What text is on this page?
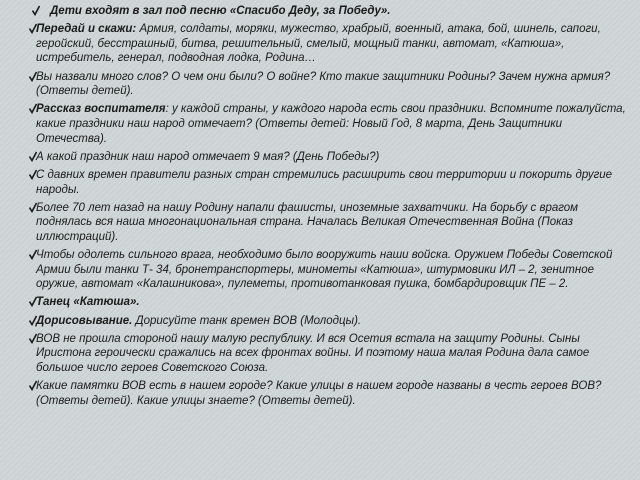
Дети входят в зал под песню «Спасибо Деду, за Победу».
Передай и скажи: Армия, солдаты, моряки, мужество, храбрый, военный, атака, бой, шинель, сапоги, геройский, бесстрашный, битва, решительный, смелый, мощный танки, автомат, «Катюша», истребитель, генерал, подводная лодка, Родина…
Вы назвали много слов? О чем они были? О войне? Кто такие защитники Родины? Зачем нужна армия? (Ответы детей).
Рассказ воспитателя: у каждой страны, у каждого народа есть свои праздники. Вспомните пожалуйста, какие праздники наш народ отмечает? (Ответы детей: Новый Год, 8 марта, День Защитники Отечества).
А какой праздник наш народ отмечает 9 мая? (День Победы?)
С давних времен правители разных стран стремились расширить свои территории и покорить другие народы.
Более 70 лет назад на нашу Родину напали фашисты, иноземные захватчики. На борьбу с врагом поднялась вся наша многонациональная страна. Началась Великая Отечественная Война (Показ иллюстраций).
Чтобы одолеть сильного врага, необходимо было вооружить наши войска. Оружием Победы Советской Армии были танки Т- 34, бронетранспортеры, минометы «Катюша», штурмовики ИЛ – 2, зенитное оружие, автомат «Калашникова», пулеметы, противотанковая пушка, бомбардировщик ПЕ – 2.
Танец «Катюша».
Дорисовывание. Дорисуйте танк времен ВОВ (Молодцы).
ВОВ не прошла стороной нашу малую республику. И вся Осетия встала на защиту Родины. Сыны Иристона героически сражались на всех фронтах войны. И поэтому наша малая Родина дала самое большое число героев Советского Союза.
Какие памятки ВОВ есть в нашем городе? Какие улицы в нашем городе названы в честь героев ВОВ? (Ответы детей). Какие улицы знаете? (Ответы детей).
